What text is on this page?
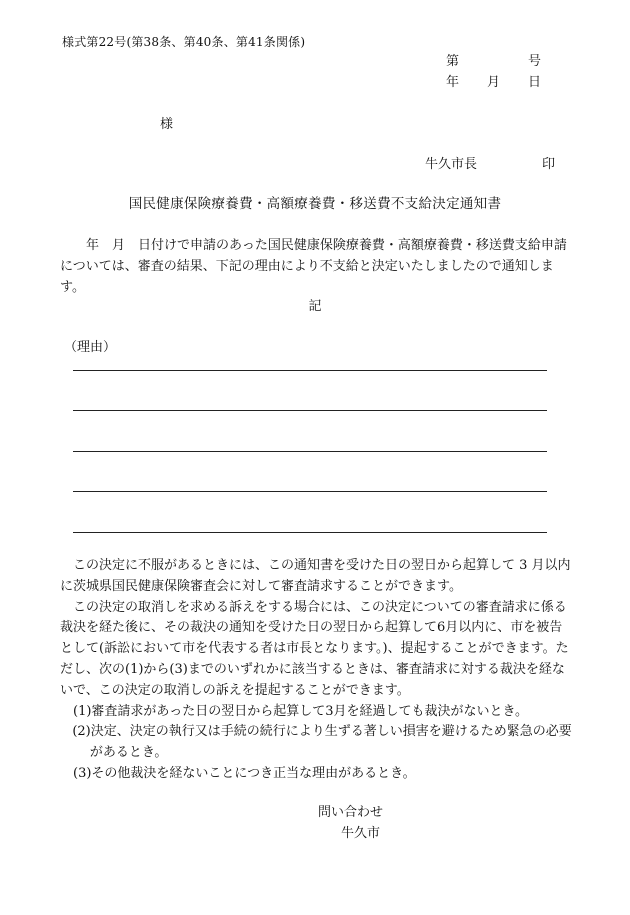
様式第22号(第38条、第40条、第41条関係)
第	号
年 月 日
様
牛久市長	印
国民健康保険療養費・高額療養費・移送費不支給決定通知書
　　年　月　日付けで申請のあった国民健康保険療養費・高額療養費・移送費支給申請については、審査の結果、下記の理由により不支給と決定いたしましたので通知します。
記
（理由）

この決定に不服があるときには、この通知書を受けた日の翌日から起算して 3 月以内に茨城県国民健康保険審査会に対して審査請求することができます。

この決定の取消しを求める訴えをする場合には、この決定についての審査請求に係る裁決を経た後に、その裁決の通知を受けた日の翌日から起算して6月以内に、市を被告として(訴訟において市を代表する者は市長となります。)、提起することができます。ただし、次の(1)から(3)までのいずれかに該当するときは、審査請求に対する裁決を経ないで、この決定の取消しの訴えを提起することができます。

(1)審査請求があった日の翌日から起算して3月を経過しても裁決がないとき。

(2)決定、決定の執行又は手続の続行により生ずる著しい損害を避けるため緊急の必要があるとき。

(3)その他裁決を経ないことにつき正当な理由があるとき。

問い合わせ
牛久市
